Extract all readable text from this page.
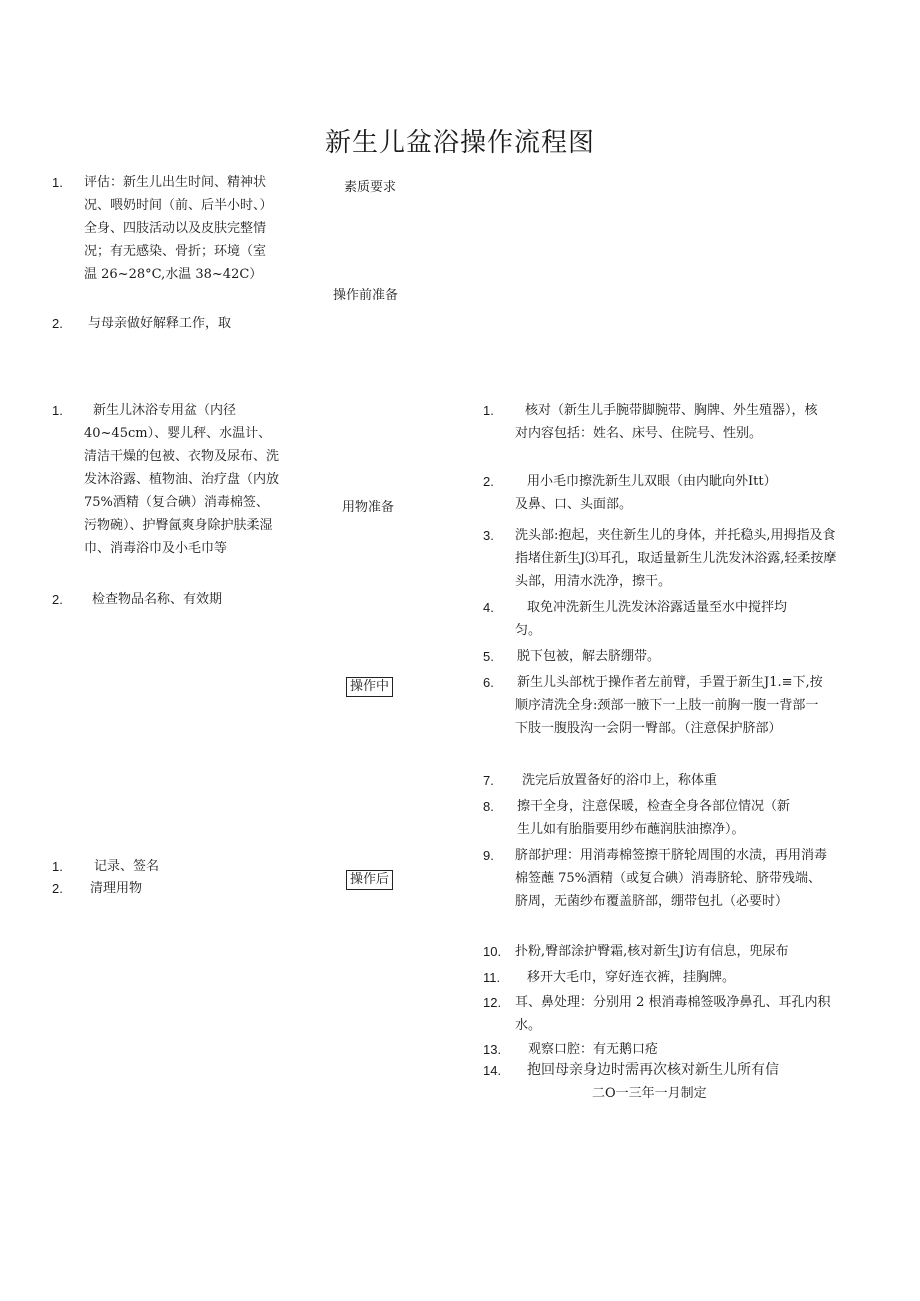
新生儿盆浴操作流程图
素质要求
操作前准备
用物准备
操作中
操作后
1. 评估：新生儿出生时间、精神状况、喂奶时间（前、后半小时、）全身、四肢活动以及皮肤完整情况；有无感染、骨折；环境（室温 26~28°C,水温 38~42C）
2. 与母亲做好解释工作，取
1.	新生儿沐浴专用盆（内径 40~45cm）、婴儿秤、水温计、清洁干燥的包被、衣物及尿布、洗发沐浴露、植物油、治疗盘（内放 75%酒精（复合碘）消毒棉签、污物碗）、护臀氤爽身除护肤柔湿巾、消毒浴巾及小毛巾等
2. 检查物品名称、有效期
1. 记录、签名
2. 清理用物
1.	核对（新生儿手腕带脚腕带、胸牌、外生殖器），核对内容包括：姓名、床号、住院号、性别。
2.	用小毛巾擦洗新生儿双眼（由内眦向外Itt）及鼻、口、头面部。
3. 洗头部:抱起，夹住新生儿的身体，并托稳头,用拇指及食指堵住新生J⑶耳孔，取适量新生儿洗发沐浴露,轻柔按摩头部，用清水洗净，擦干。
4.	取免冲洗新生儿洗发沐浴露适量至水中搅拌均匀。
5. 脱下包被，解去脐绷带。
6. 新生儿头部枕于操作者左前臂，手置于新生J1.≡下,按顺序清洗全身:颈部一腋下一上肢一前胸一腹一背部一下肢一腹股沟一会阴一臀部。（注意保护脐部）
7. 洗完后放置备好的浴巾上，称体重
8. 擦干全身，注意保暖，检查全身各部位情况（新生儿如有胎脂要用纱布蘸润肤油擦净）。
9. 脐部护理：用消毒棉签擦干脐轮周围的水渍，再用消毒棉签蘸 75%酒精（或复合碘）消毒脐轮、脐带残端、脐周，无菌纱布覆盖脐部，绷带包扎（必要时）
10. 扑粉,臀部涂护臀霜,核对新生J访有信息，兜尿布
11. 移开大毛巾，穿好连衣裤，挂胸牌。
12. 耳、鼻处理：分别用 2 根消毒棉签吸净鼻孔、耳孔内积水。
13. 观察口腔：有无鹅口疮
14. 抱回母亲身边时需再次核对新生儿所有信
二O一三年一月制定
